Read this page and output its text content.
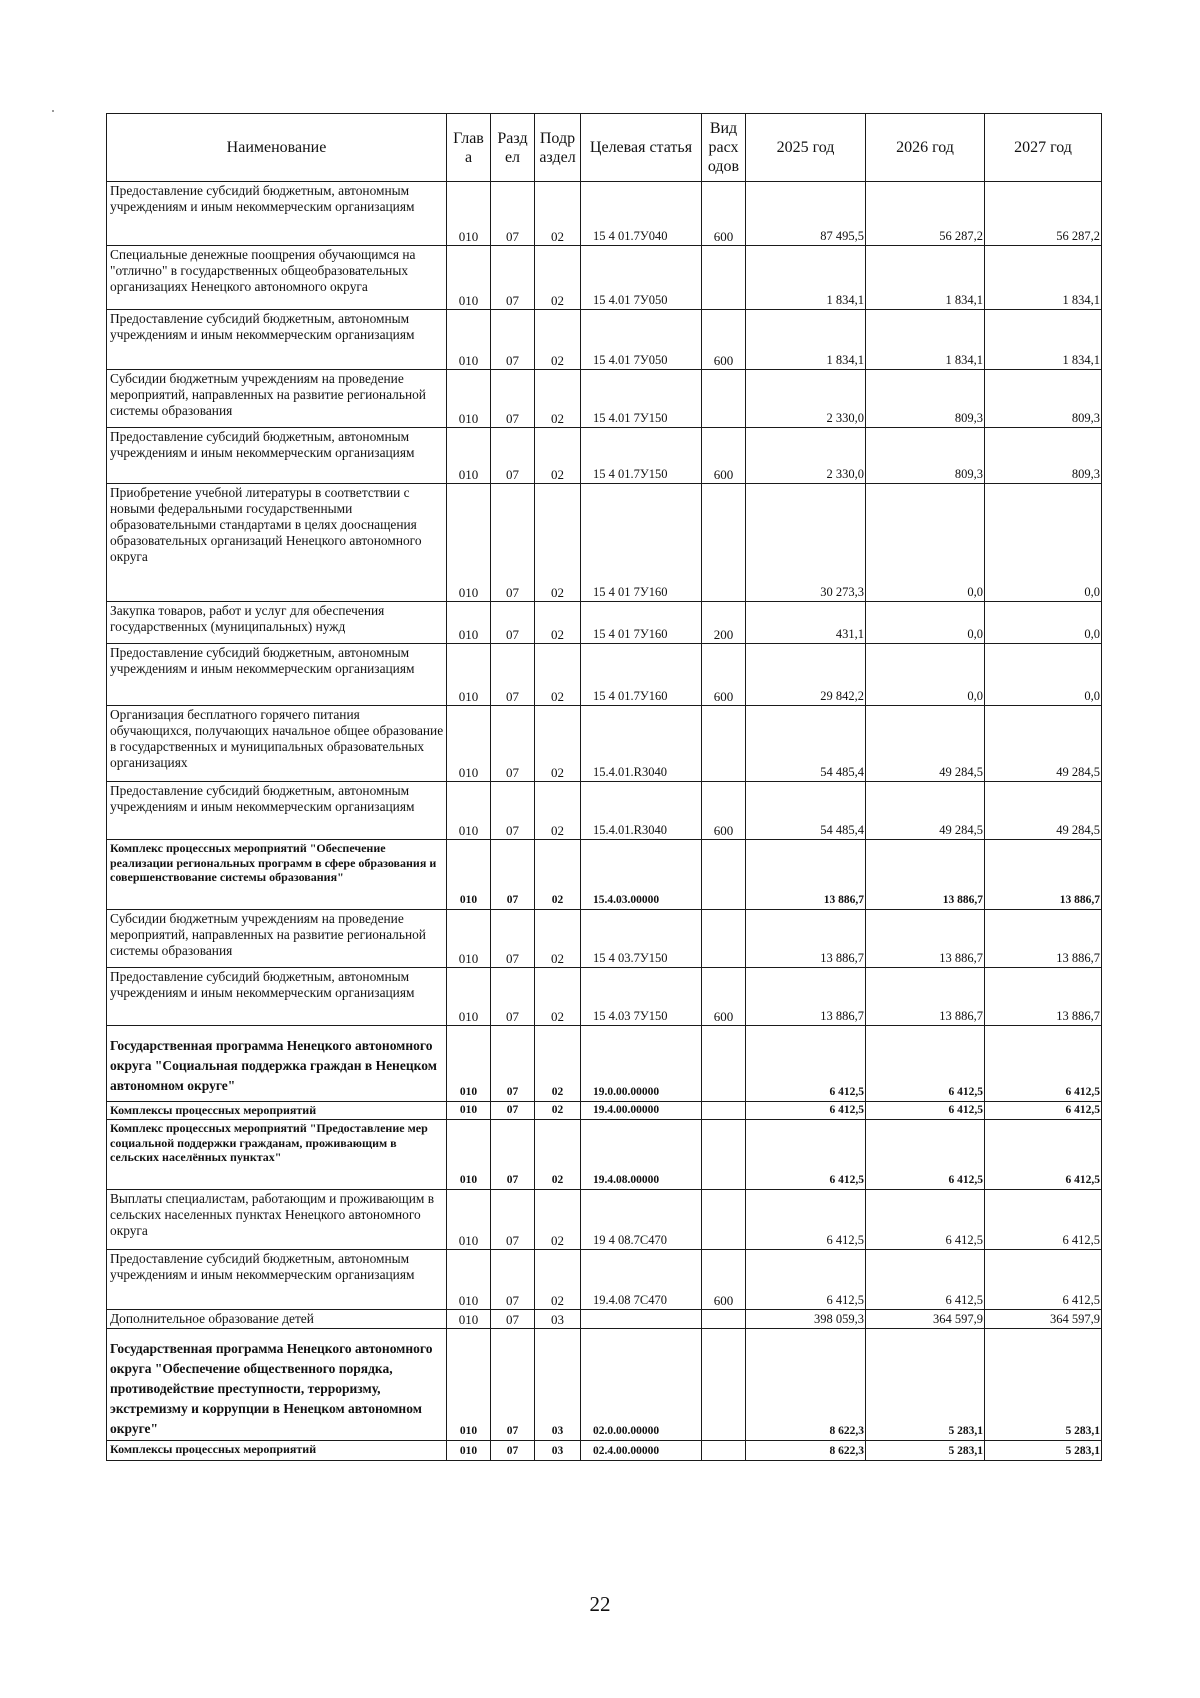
Наименование	Глав а	Разд ел	Подр аздел	Целевая статья	Вид расх одов	2025 год	2026 год	2027 год
Предоставление субсидий бюджетным, автономным учреждениям и иным некоммерческим организациям	010	07	02	15 4 01.7У040	600	87 495,5	56 287,2	56 287,2
Специальные денежные поощрения обучающимся на "отлично" в государственных общеобразовательных организациях Ненецкого автономного округа	010	07	02	15 4.01 7У050		1 834,1	1 834,1	1 834,1
Предоставление субсидий бюджетным, автономным учреждениям и иным некоммерческим организациям	010	07	02	15 4.01 7У050	600	1 834,1	1 834,1	1 834,1
Субсидии бюджетным учреждениям на проведение мероприятий, направленных на развитие региональной системы образования	010	07	02	15 4.01 7У150		2 330,0	809,3	809,3
Предоставление субсидий бюджетным, автономным учреждениям и иным некоммерческим организациям	010	07	02	15 4 01.7У150	600	2 330,0	809,3	809,3
Приобретение учебной литературы в соответствии с новыми федеральными государственными образовательными стандартами в целях дооснащения образовательных организаций Ненецкого автономного округа	010	07	02	15 4 01 7У160		30 273,3	0,0	0,0
Закупка товаров, работ и услуг для обеспечения государственных (муниципальных) нужд	010	07	02	15 4 01 7У160	200	431,1	0,0	0,0
Предоставление субсидий бюджетным, автономным учреждениям и иным некоммерческим организациям	010	07	02	15 4 01.7У160	600	29 842,2	0,0	0,0
Организация бесплатного горячего питания обучающихся, получающих начальное общее образование в государственных и муниципальных образовательных организациях	010	07	02	15.4.01.R3040		54 485,4	49 284,5	49 284,5
Предоставление субсидий бюджетным, автономным учреждениям и иным некоммерческим организациям	010	07	02	15.4.01.R3040	600	54 485,4	49 284,5	49 284,5
Комплекс процессных мероприятий "Обеспечение реализации региональных программ в сфере образования и совершенствование системы образования"	010	07	02	15.4.03.00000		13 886,7	13 886,7	13 886,7
Субсидии бюджетным учреждениям на проведение мероприятий, направленных на развитие региональной системы образования	010	07	02	15 4 03.7У150		13 886,7	13 886,7	13 886,7
Предоставление субсидий бюджетным, автономным учреждениям и иным некоммерческим организациям	010	07	02	15 4.03 7У150	600	13 886,7	13 886,7	13 886,7
Государственная программа Ненецкого автономного округа "Социальная поддержка граждан в Ненецком автономном округе"	010	07	02	19.0.00.00000		6 412,5	6 412,5	6 412,5
Комплексы процессных мероприятий	010	07	02	19.4.00.00000		6 412,5	6 412,5	6 412,5
Комплекс процессных мероприятий "Предоставление мер социальной поддержки гражданам, проживающим в сельских населённых пунктах"	010	07	02	19.4.08.00000		6 412,5	6 412,5	6 412,5
Выплаты специалистам, работающим и проживающим в сельских населенных пунктах Ненецкого автономного округа	010	07	02	19 4 08.7С470		6 412,5	6 412,5	6 412,5
Предоставление субсидий бюджетным, автономным учреждениям и иным некоммерческим организациям	010	07	02	19.4.08 7С470	600	6 412,5	6 412,5	6 412,5
Дополнительное образование детей	010	07	03			398 059,3	364 597,9	364 597,9
Государственная программа Ненецкого автономного округа "Обеспечение общественного порядка, противодействие преступности, терроризму, экстремизму и коррупции в Ненецком автономном округе"	010	07	03	02.0.00.00000		8 622,3	5 283,1	5 283,1
Комплексы процессных мероприятий	010	07	03	02.4.00.00000		8 622,3	5 283,1	5 283,1
22
